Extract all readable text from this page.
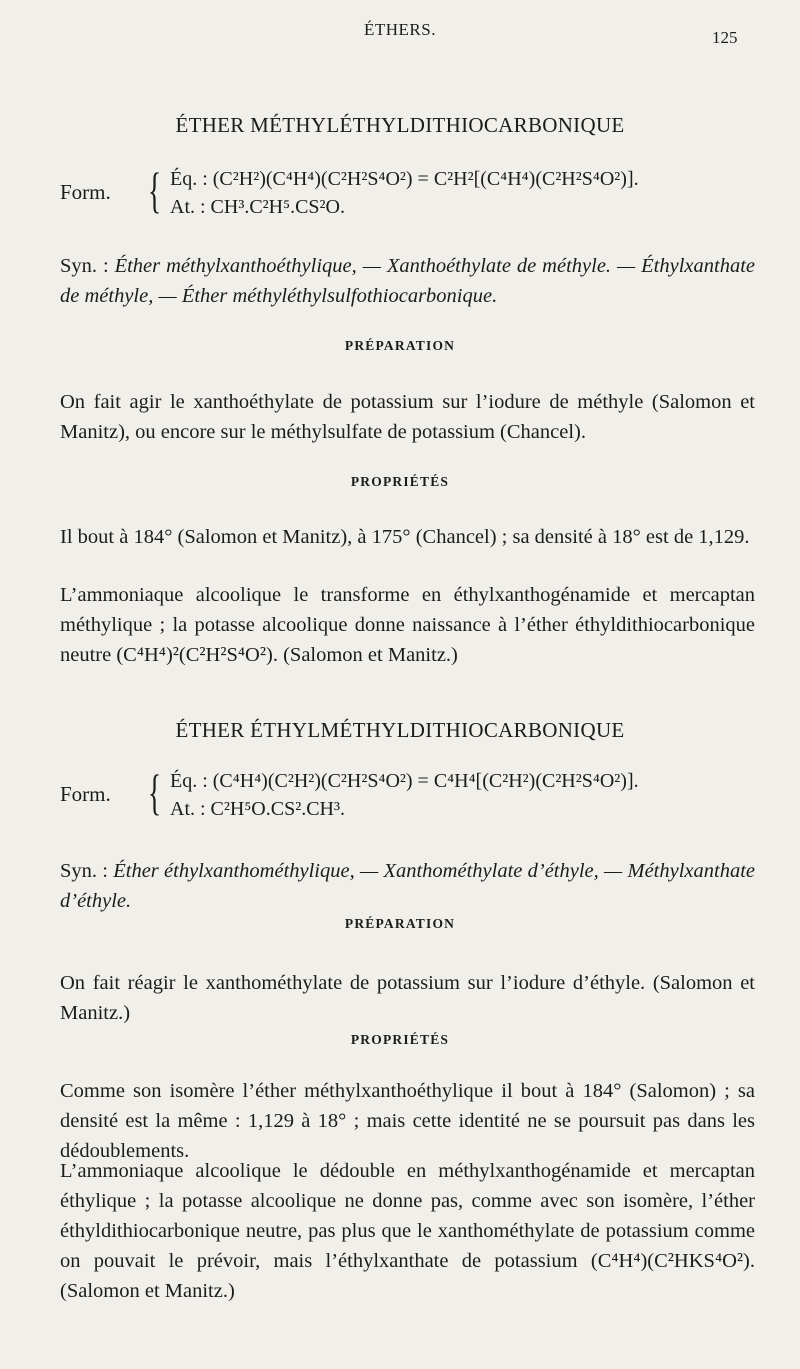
ÉTHERS.	125
ÉTHER MÉTHYLÉTHYLDITHIOCARBONIQUE
Form. { Éq. : (C²H²)(C⁴H⁴)(C²H²S⁴O²) = C²H²[(C⁴H⁴)(C²H²S⁴O²)].
At. : CH³.C²H⁵.CS²O.
Syn. : Éther méthylxanthoéthylique, — Xanthoéthylate de méthyle. — Éthylxanthate de méthyle, — Éther méthyléthylsulfothiocarbonique.
PRÉPARATION
On fait agir le xanthoéthylate de potassium sur l’iodure de méthyle (Salomon et Manitz), ou encore sur le méthylsulfate de potassium (Chancel).
PROPRIÉTÉS
Il bout à 184° (Salomon et Manitz), à 175° (Chancel) ; sa densité à 18° est de 1,129.
L’ammoniaque alcoolique le transforme en éthylxanthogénamide et mercaptan méthylique ; la potasse alcoolique donne naissance à l’éther éthyldithiocarbonique neutre (C⁴H⁴)²(C²H²S⁴O²). (Salomon et Manitz.)
ÉTHER ÉTHYLMÉTHYLDITHIOCARBONIQUE
Form. { Éq. : (C⁴H⁴)(C²H²)(C²H²S⁴O²) = C⁴H⁴[(C²H²)(C²H²S⁴O²)].
At. : C²H⁵O.CS².CH³.
Syn. : Éther éthylxanthométhylique, — Xanthométhylate d’éthyle, — Méthylxanthate d’éthyle.
PRÉPARATION
On fait réagir le xanthométhylate de potassium sur l’iodure d’éthyle. (Salomon et Manitz.)
PROPRIÉTÉS
Comme son isomère l’éther méthylxanthoéthylique il bout à 184° (Salomon) ; sa densité est la même : 1,129 à 18° ; mais cette identité ne se poursuit pas dans les dédoublements.
L’ammoniaque alcoolique le dédouble en méthylxanthogénamide et mercaptan éthylique ; la potasse alcoolique ne donne pas, comme avec son isomère, l’éther éthyldithiocarbonique neutre, pas plus que le xanthométhylate de potassium comme on pouvait le prévoir, mais l’éthylxanthate de potassium (C⁴H⁴)(C²HKS⁴O²). (Salomon et Manitz.)
